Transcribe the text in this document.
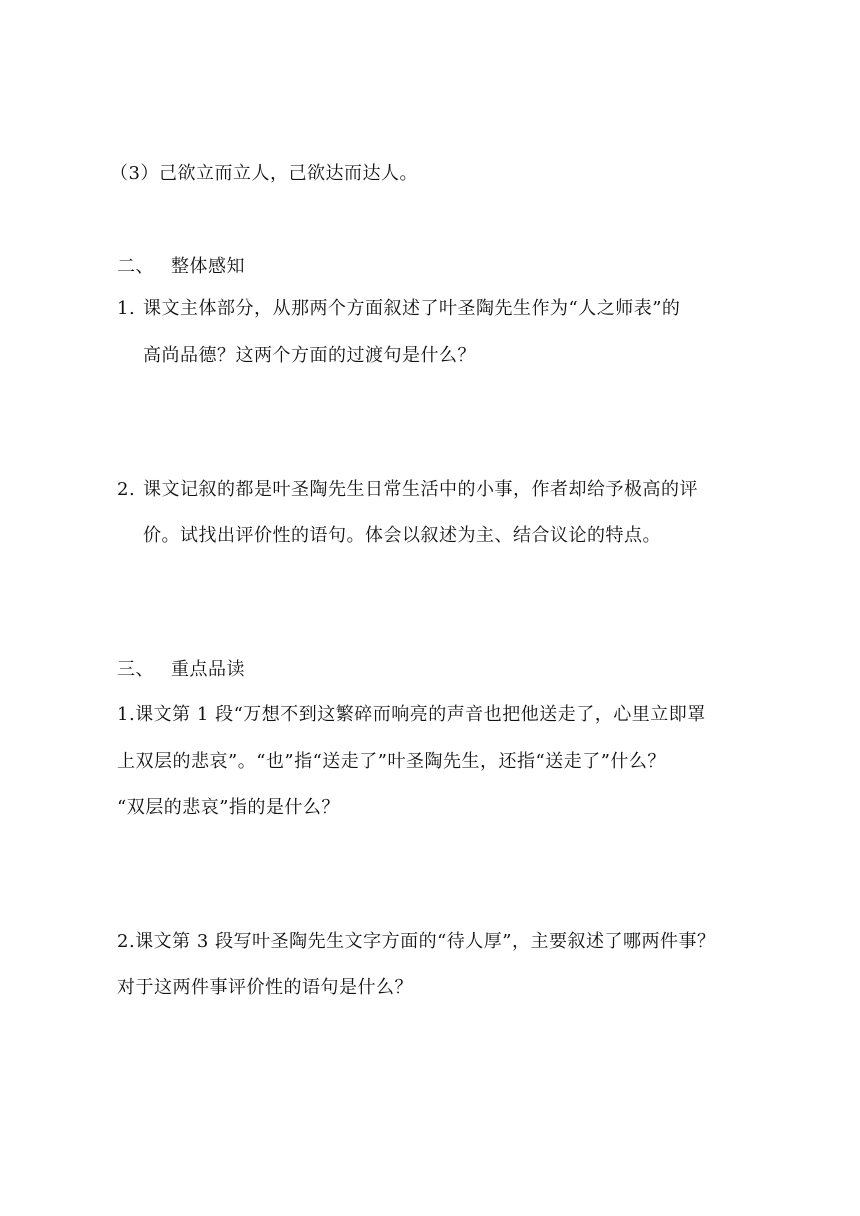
（3）己欲立而立人，己欲达而达人。
二、 整体感知
1. 课文主体部分，从那两个方面叙述了叶圣陶先生作为“人之师表”的
高尚品德？这两个方面的过渡句是什么？
2. 课文记叙的都是叶圣陶先生日常生活中的小事，作者却给予极高的评
价。试找出评价性的语句。体会以叙述为主、结合议论的特点。
三、 重点品读
1.课文第 1 段“万想不到这繁碎而响亮的声音也把他送走了，心里立即罩
上双层的悲哀”。“也”指“送走了”叶圣陶先生，还指“送走了”什么？
“双层的悲哀”指的是什么？
2.课文第 3 段写叶圣陶先生文字方面的“待人厚”，主要叙述了哪两件事？
对于这两件事评价性的语句是什么？
